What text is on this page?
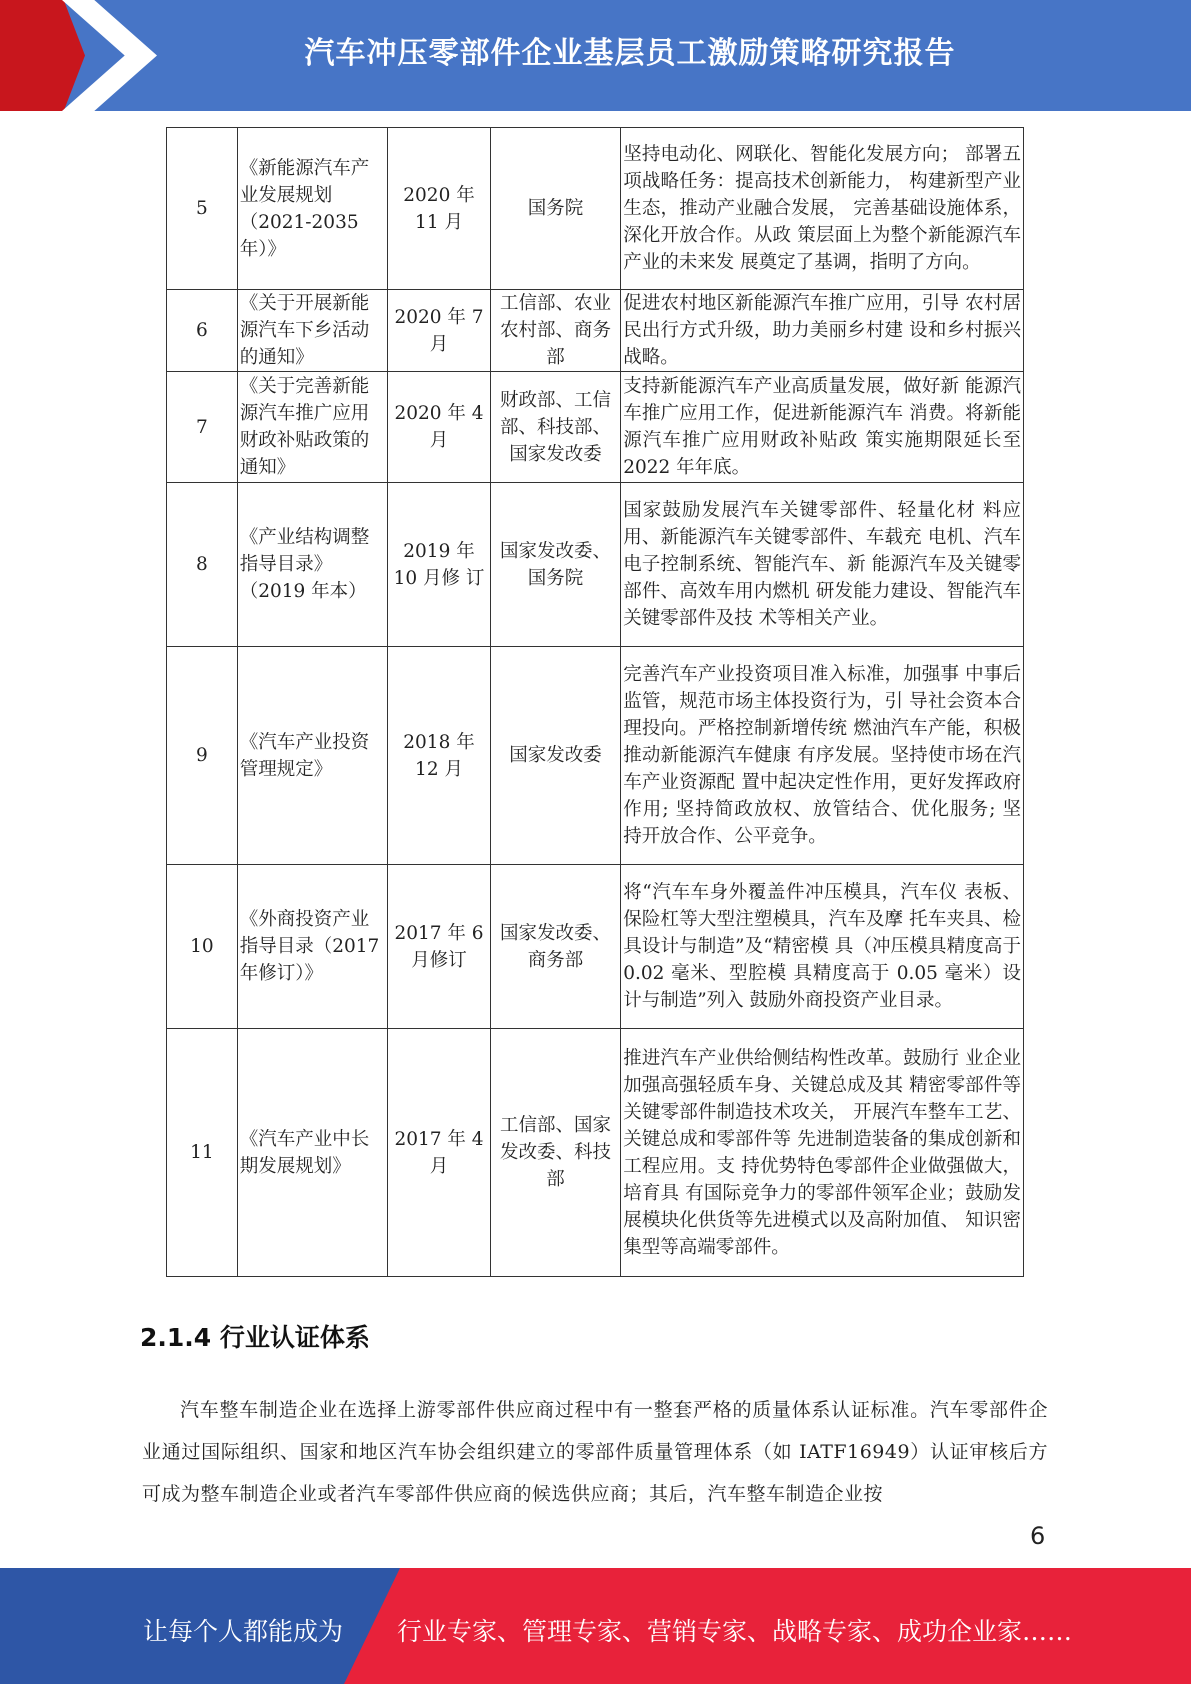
汽车冲压零部件企业基层员工激励策略研究报告
5	《新能源汽车产业发展规划（2021-2035年）》	2020 年 11 月	国务院	坚持电动化、网联化、智能化发展方向； 部署五项战略任务：提高技术创新能力， 构建新型产业生态，推动产业融合发展， 完善基础设施体系，深化开放合作。从政 策层面上为整个新能源汽车产业的未来发 展奠定了基调，指明了方向。
6	《关于开展新能源汽车下乡活动的通知》	2020 年 7 月	工信部、农业农村部、商务部	促进农村地区新能源汽车推广应用，引导 农村居民出行方式升级，助力美丽乡村建 设和乡村振兴战略。
7	《关于完善新能源汽车推广应用财政补贴政策的通知》	2020 年 4 月	财政部、工信部、科技部、国家发改委	支持新能源汽车产业高质量发展，做好新 能源汽车推广应用工作，促进新能源汽车 消费。将新能源汽车推广应用财政补贴政 策实施期限延长至 2022 年年底。
8	《产业结构调整指导目录》（2019 年本）	2019 年 10 月修 订	国家发改委、国务院	国家鼓励发展汽车关键零部件、轻量化材 料应用、新能源汽车关键零部件、车载充 电机、汽车电子控制系统、智能汽车、新 能源汽车及关键零部件、高效车用内燃机 研发能力建设、智能汽车关键零部件及技 术等相关产业。
9	《汽车产业投资管理规定》	2018 年 12 月	国家发改委	完善汽车产业投资项目准入标准，加强事 中事后监管，规范市场主体投资行为，引 导社会资本合理投向。严格控制新增传统 燃油汽车产能，积极推动新能源汽车健康 有序发展。坚持使市场在汽车产业资源配 置中起决定性作用，更好发挥政府作用; 坚持简政放权、放管结合、优化服务; 坚 持开放合作、公平竞争。
10	《外商投资产业指导目录（2017 年修订）》	2017 年 6 月修订	国家发改委、商务部	将“汽车车身外覆盖件冲压模具，汽车仪 表板、保险杠等大型注塑模具，汽车及摩 托车夹具、检具设计与制造”及“精密模 具（冲压模具精度高于 0.02 毫米、型腔模 具精度高于 0.05 毫米）设计与制造”列入 鼓励外商投资产业目录。
11	《汽车产业中长期发展规划》	2017 年 4 月	工信部、国家发改委、科技部	推进汽车产业供给侧结构性改革。鼓励行 业企业加强高强轻质车身、关键总成及其 精密零部件等关键零部件制造技术攻关， 开展汽车整车工艺、关键总成和零部件等 先进制造装备的集成创新和工程应用。支 持优势特色零部件企业做强做大，培育具 有国际竞争力的零部件领军企业；鼓励发 展模块化供货等先进模式以及高附加值、 知识密集型等高端零部件。
2.1.4 行业认证体系
汽车整车制造企业在选择上游零部件供应商过程中有一整套严格的质量体系认证标准。汽车零部件企业通过国际组织、国家和地区汽车协会组织建立的零部件质量管理体系（如 IATF16949）认证审核后方可成为整车制造企业或者汽车零部件供应商的候选供应商；其后，汽车整车制造企业按
6
让每个人都能成为 行业专家、管理专家、营销专家、战略专家、成功企业家……
